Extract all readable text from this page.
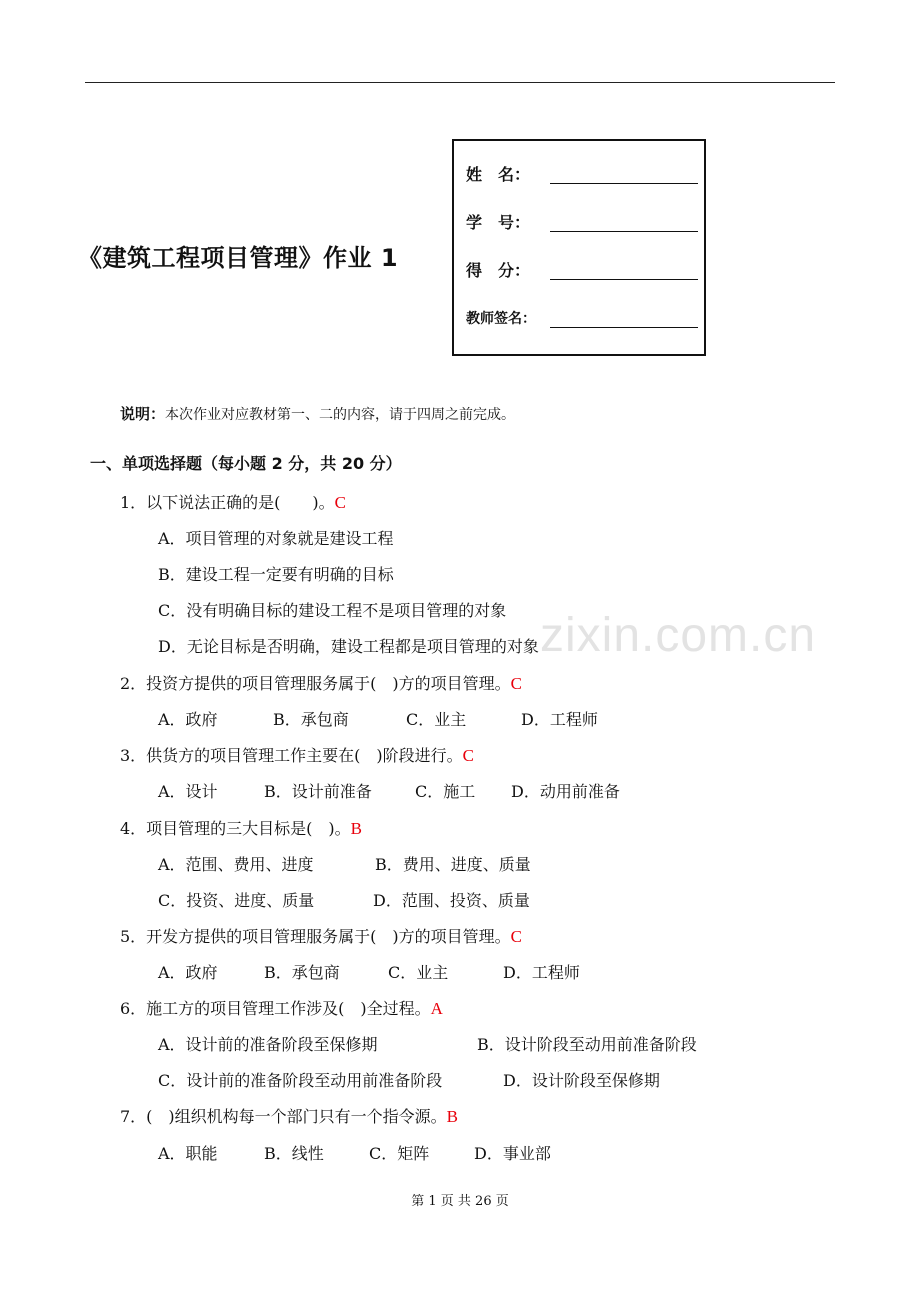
《建筑工程项目管理》作业 1
姓　名：
学　号：
得　分：
教师签名：
说明：本次作业对应教材第一、二的内容，请于四周之前完成。
一、单项选择题（每小题 2 分，共 20 分）
1．以下说法正确的是(　　)。C
A．项目管理的对象就是建设工程
B．建设工程一定要有明确的目标
C．没有明确目标的建设工程不是项目管理的对象
D．无论目标是否明确，建设工程都是项目管理的对象
2．投资方提供的项目管理服务属于(　)方的项目管理。C
A．政府	B．承包商	C．业主	D．工程师
3．供货方的项目管理工作主要在(　)阶段进行。C
A．设计	B．设计前准备	C．施工 D．动用前准备
4．项目管理的三大目标是(　)。B
A．范围、费用、进度	B．费用、进度、质量
C．投资、进度、质量	D．范围、投资、质量
5．开发方提供的项目管理服务属于(　)方的项目管理。C
A．政府	B．承包商	C．业主	D．工程师
6．施工方的项目管理工作涉及(　)全过程。A
A．设计前的准备阶段至保修期	B．设计阶段至动用前准备阶段
C．设计前的准备阶段至动用前准备阶段	D．设计阶段至保修期
7．(　)组织机构每一个部门只有一个指令源。B
A．职能	B．线性	C．矩阵	D．事业部
zixin.com.cn
第 1 页 共 26 页
